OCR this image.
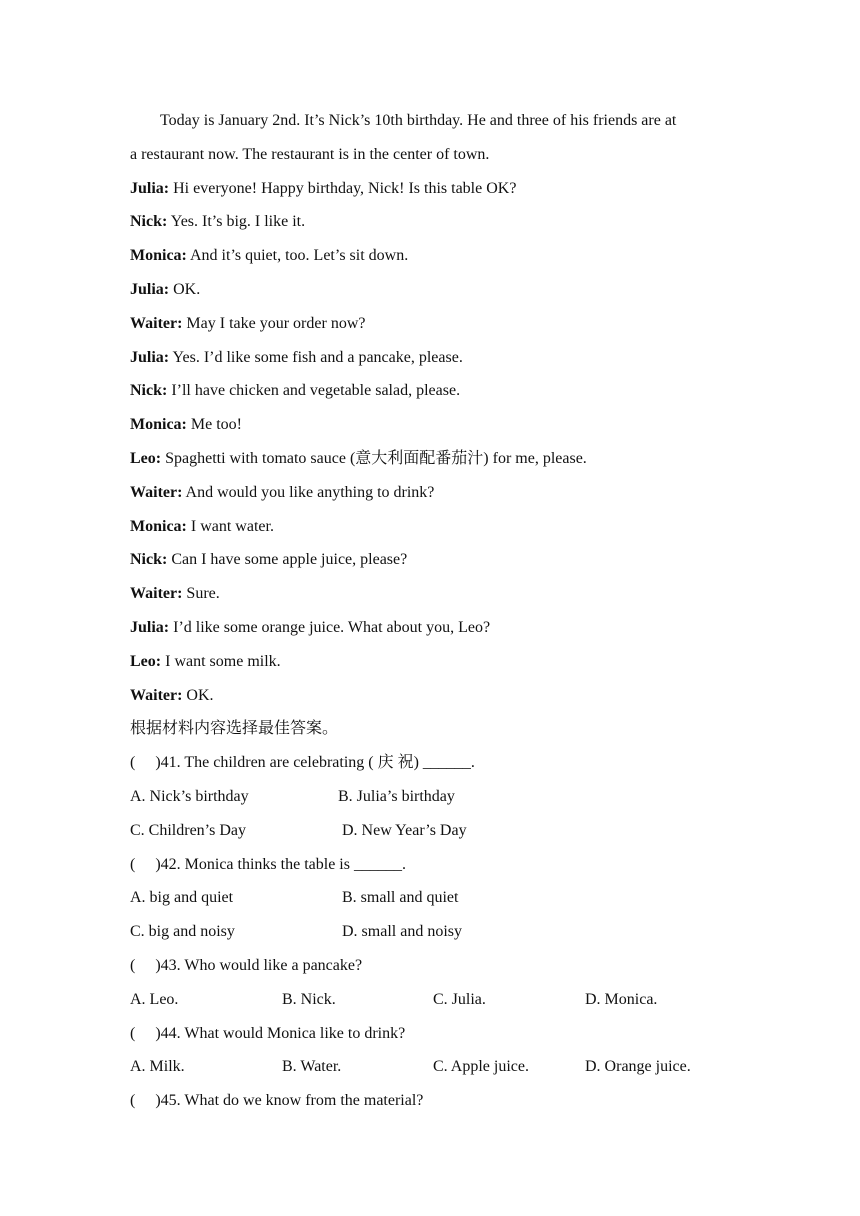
Today is January 2nd. It’s Nick’s 10th birthday. He and three of his friends are at
a restaurant now. The restaurant is in the center of town.
Julia: Hi everyone! Happy birthday, Nick! Is this table OK?
Nick: Yes. It’s big. I like it.
Monica: And it’s quiet, too. Let’s sit down.
Julia: OK.
Waiter: May I take your order now?
Julia: Yes. I’d like some fish and a pancake, please.
Nick: I’ll have chicken and vegetable salad, please.
Monica: Me too!
Leo: Spaghetti with tomato sauce (意大利面配番茄汁) for me, please.
Waiter: And would you like anything to drink?
Monica: I want water.
Nick: Can I have some apple juice, please?
Waiter: Sure.
Julia: I’d like some orange juice. What about you, Leo?
Leo: I want some milk.
Waiter: OK.
根据材料内容选择最佳答案。
(     )41. The children are celebrating ( 庆 祝) ______.
A. Nick’s birthday	B. Julia’s birthday
C. Children’s Day	D. New Year’s Day
(     )42. Monica thinks the table is ______.
A. big and quiet	B. small and quiet
C. big and noisy	D. small and noisy
(     )43. Who would like a pancake?
A. Leo.	B. Nick.	C. Julia.	D. Monica.
(     )44. What would Monica like to drink?
A. Milk.	B. Water.	C. Apple juice.	D. Orange juice.
(     )45. What do we know from the material?
